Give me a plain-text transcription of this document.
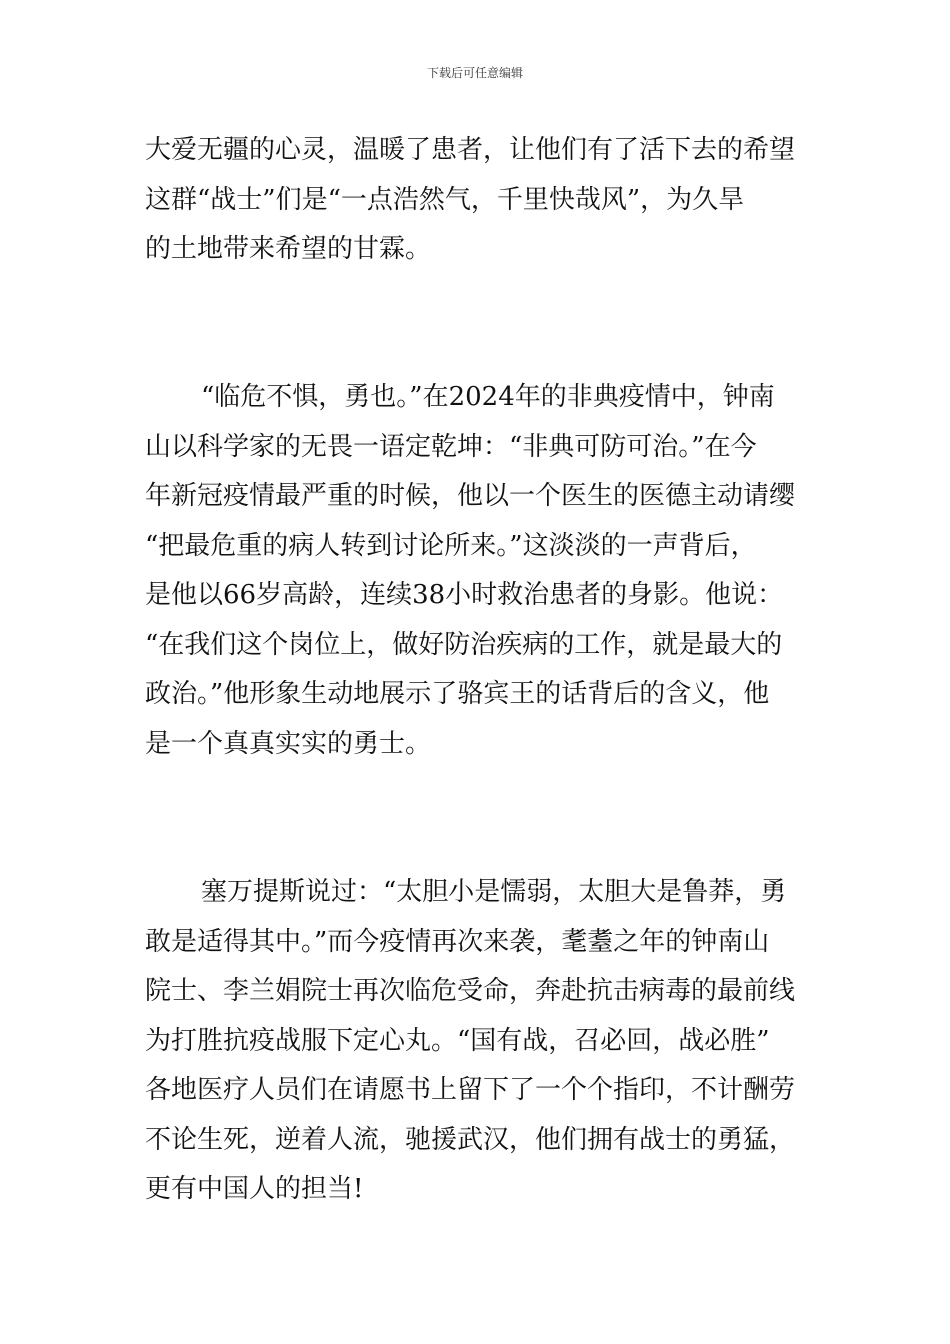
下载后可任意编辑
大爱无疆的心灵，温暖了患者，让他们有了活下去的希望
这群“战士”们是“一点浩然气，千里快哉风”，为久旱
的土地带来希望的甘霖。
“临危不惧，勇也。”在2024年的非典疫情中，钟南
山以科学家的无畏一语定乾坤：“非典可防可治。”在今
年新冠疫情最严重的时候，他以一个医生的医德主动请缨
“把最危重的病人转到讨论所来。”这淡淡的一声背后，
是他以66岁高龄，连续38小时救治患者的身影。他说：
“在我们这个岗位上，做好防治疾病的工作，就是最大的
政治。”他形象生动地展示了骆宾王的话背后的含义，他
是一个真真实实的勇士。
塞万提斯说过：“太胆小是懦弱，太胆大是鲁莽，勇
敢是适得其中。”而今疫情再次来袭，耄耋之年的钟南山
院士、李兰娟院士再次临危受命，奔赴抗击病毒的最前线
为打胜抗疫战服下定心丸。“国有战，召必回，战必胜”
各地医疗人员们在请愿书上留下了一个个指印，不计酬劳
不论生死，逆着人流，驰援武汉，他们拥有战士的勇猛，
更有中国人的担当!
